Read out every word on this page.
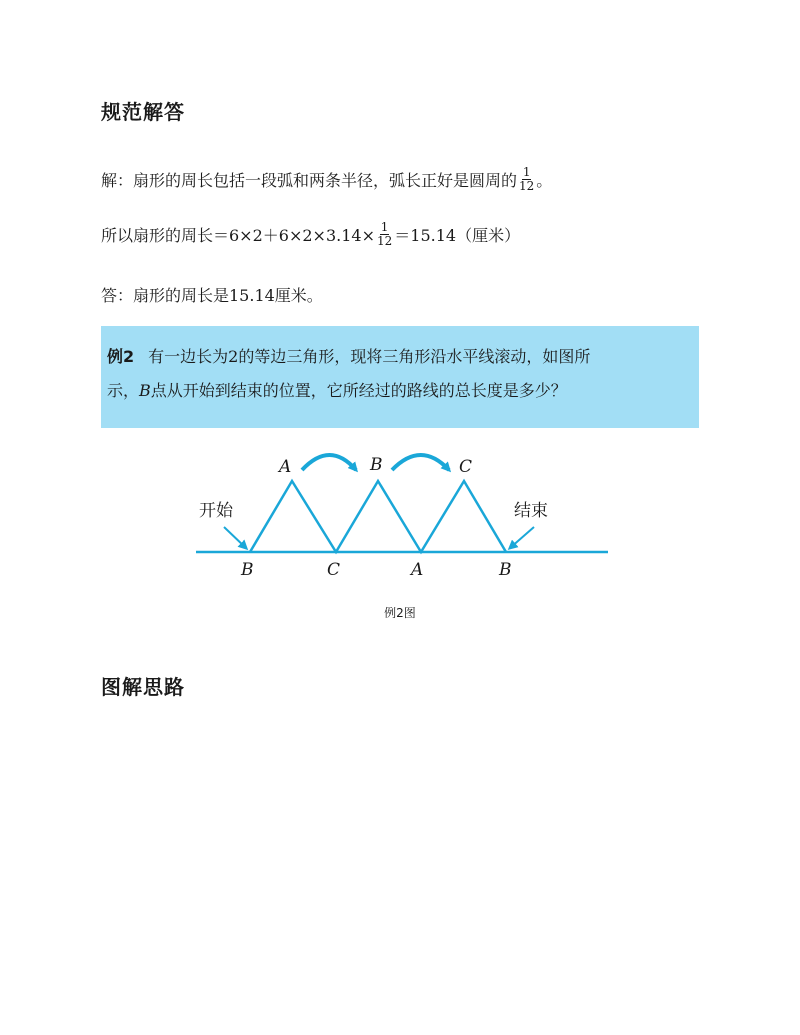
规范解答
解：扇形的周长包括一段弧和两条半径，弧长正好是圆周的 $\frac{1}{12}$ 。
所以扇形的周长$=6\times 2+6\times 2\times 3.14\times \frac{1}{12} =15.14$（厘米）
答：扇形的周长是15.14厘米。
例2 有一边长为2的等边三角形，现将三角形沿水平线滚动，如图所
示，B点从开始到结束的位置，它所经过的路线的总长度是多少？
A	B	C
B	C	A	B
开始	结束
例2图
图解思路
